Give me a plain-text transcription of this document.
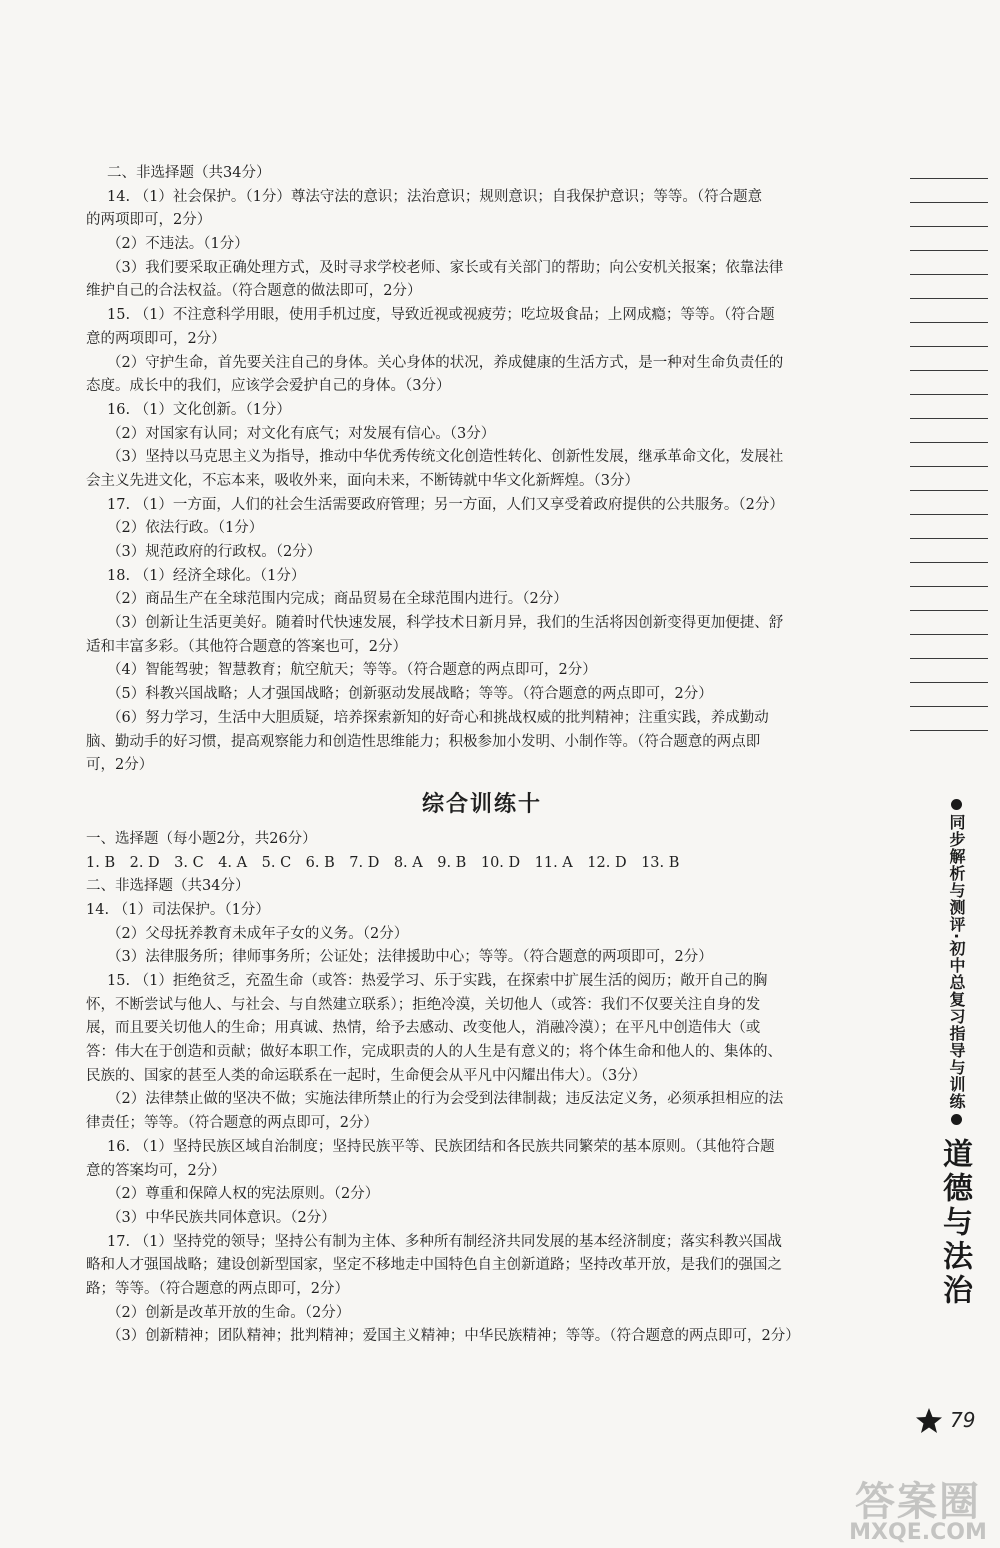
二、非选择题（共34分）
14. （1）社会保护。（1分）尊法守法的意识；法治意识；规则意识；自我保护意识；等等。（符合题意
的两项即可，2分）
（2）不违法。（1分）
（3）我们要采取正确处理方式，及时寻求学校老师、家长或有关部门的帮助；向公安机关报案；依靠法律
维护自己的合法权益。（符合题意的做法即可，2分）
15. （1）不注意科学用眼，使用手机过度，导致近视或视疲劳；吃垃圾食品；上网成瘾；等等。（符合题
意的两项即可，2分）
（2）守护生命，首先要关注自己的身体。关心身体的状况，养成健康的生活方式，是一种对生命负责任的
态度。成长中的我们，应该学会爱护自己的身体。（3分）
16. （1）文化创新。（1分）
（2）对国家有认同；对文化有底气；对发展有信心。（3分）
（3）坚持以马克思主义为指导，推动中华优秀传统文化创造性转化、创新性发展，继承革命文化，发展社
会主义先进文化，不忘本来，吸收外来，面向未来，不断铸就中华文化新辉煌。（3分）
17. （1）一方面，人们的社会生活需要政府管理；另一方面，人们又享受着政府提供的公共服务。（2分）
（2）依法行政。（1分）
（3）规范政府的行政权。（2分）
18. （1）经济全球化。（1分）
（2）商品生产在全球范围内完成；商品贸易在全球范围内进行。（2分）
（3）创新让生活更美好。随着时代快速发展，科学技术日新月异，我们的生活将因创新变得更加便捷、舒
适和丰富多彩。（其他符合题意的答案也可，2分）
（4）智能驾驶；智慧教育；航空航天；等等。（符合题意的两点即可，2分）
（5）科教兴国战略；人才强国战略；创新驱动发展战略；等等。（符合题意的两点即可，2分）
（6）努力学习，生活中大胆质疑，培养探索新知的好奇心和挑战权威的批判精神；注重实践，养成勤动
脑、勤动手的好习惯，提高观察能力和创造性思维能力；积极参加小发明、小制作等。（符合题意的两点即
可，2分）
综合训练十
一、选择题（每小题2分，共26分）
1. B　2. D　3. C　4. A　5. C　6. B　7. D　8. A　9. B　10. D　11. A　12. D　13. B
二、非选择题（共34分）
14. （1）司法保护。（1分）
（2）父母抚养教育未成年子女的义务。（2分）
（3）法律服务所；律师事务所；公证处；法律援助中心；等等。（符合题意的两项即可，2分）
15. （1）拒绝贫乏，充盈生命（或答：热爱学习、乐于实践，在探索中扩展生活的阅历；敞开自己的胸
怀，不断尝试与他人、与社会、与自然建立联系）；拒绝冷漠，关切他人（或答：我们不仅要关注自身的发
展，而且要关切他人的生命；用真诚、热情，给予去感动、改变他人，消融冷漠）；在平凡中创造伟大（或
答：伟大在于创造和贡献；做好本职工作，完成职责的人的人生是有意义的；将个体生命和他人的、集体的、
民族的、国家的甚至人类的命运联系在一起时，生命便会从平凡中闪耀出伟大）。（3分）
（2）法律禁止做的坚决不做；实施法律所禁止的行为会受到法律制裁；违反法定义务，必须承担相应的法
律责任；等等。（符合题意的两点即可，2分）
16. （1）坚持民族区域自治制度；坚持民族平等、民族团结和各民族共同繁荣的基本原则。（其他符合题
意的答案均可，2分）
（2）尊重和保障人权的宪法原则。（2分）
（3）中华民族共同体意识。（2分）
17. （1）坚持党的领导；坚持公有制为主体、多种所有制经济共同发展的基本经济制度；落实科教兴国战
略和人才强国战略；建设创新型国家，坚定不移地走中国特色自主创新道路；坚持改革开放，是我们的强国之
路；等等。（符合题意的两点即可，2分）
（2）创新是改革开放的生命。（2分）
（3）创新精神；团队精神；批判精神；爱国主义精神；中华民族精神；等等。（符合题意的两点即可，2分）
同步解析与测评·初中总复习指导与训练
道德与法治
79
答案圈
MXQE.COM
